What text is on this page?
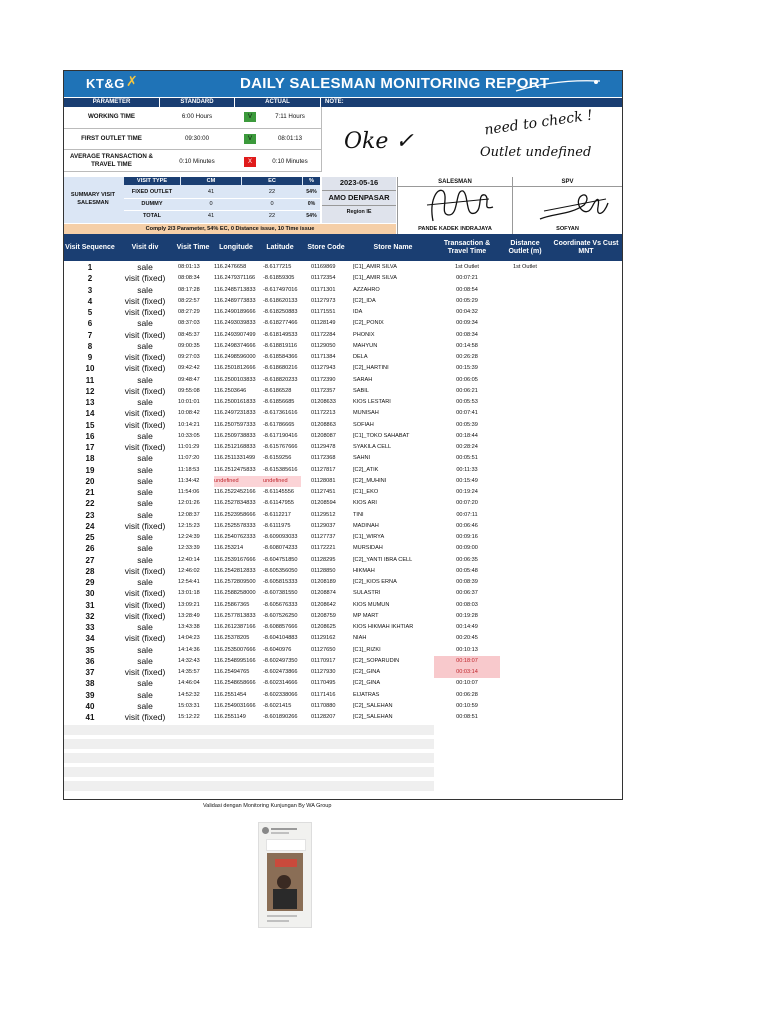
KT&G ✗	DAILY SALESMAN MONITORING REPORT
PARAMETER	STANDARD	ACTUAL	NOTE:
WORKING TIME	6:00 Hours	V	7:11 Hours
FIRST OUTLET TIME	09:30:00	V	08:01:13
AVERAGE TRANSACTION & TRAVEL TIME	0:10 Minutes	X	0:10 Minutes
Oke ✓
need to check !
Outlet undefined
SUMMARY VISIT SALESMAN
VISIT TYPE	CM	EC	%
FIXED OUTLET	41	22	54%
DUMMY	0	0	0%
TOTAL	41	22	54%
2023-05-16
AMO DENPASAR
Region IE
SALESMAN	SPV
PANDE KADEK INDRAJAYA	SOFYAN
Comply 2/3 Parameter, 54% EC, 0 Distance issue, 10 Time issue
Visit Sequence	Visit div	Visit Time	Longitude	Latitude	Store Code	Store Name
Transaction & Travel Time
Distance Outlet (m)
Coordinate Vs Cust MNT
1	sale	08:01:13	116.2476658	-8.6177215	01169869	[C1]_AMIR SILVA	1st Outlet	1st Outlet
2	visit (fixed)	08:08:34	116.2479371166	-8.61859305	01172354	[C1]_AMIR SILVA	00:07:21
3	sale	08:17:28	116.2485713833	-8.617497016	01171301	AZZAHRO	00:08:54
4	visit (fixed)	08:22:57	116.2489773833	-8.618620133	01127973	[C2]_IDA	00:05:29
5	visit (fixed)	08:27:29	116.2490189666	-8.618250883	01171551	IDA	00:04:32
6	sale	08:37:03	116.2493039833	-8.618277466	01128149	[C2]_PONIX	00:09:34
7	visit (fixed)	08:45:37	116.2493907499	-8.618149533	01172284	PHONIX	00:08:34
8	sale	09:00:35	116.2498374666	-8.618819116	01129050	MAHYUN	00:14:58
9	visit (fixed)	09:27:03	116.2498596000	-8.618584366	01171384	DELA	00:26:28
10	visit (fixed)	09:42:42	116.2501812666	-8.618680216	01127943	[C2]_HARTINI	00:15:39
11	sale	09:48:47	116.2500103833	-8.618820233	01172390	SARAH	00:06:05
12	visit (fixed)	09:55:08	116.2503646	-8.6186528	01172357	SABIL	00:06:21
13	sale	10:01:01	116.2500161833	-8.61856685	01208633	KIOS LESTARI	00:05:53
14	visit (fixed)	10:08:42	116.2497231833	-8.617361616	01172213	MUNISAH	00:07:41
15	visit (fixed)	10:14:21	116.2507597333	-8.61786665	01208863	SOFIAH	00:05:39
16	sale	10:33:05	116.2509738833	-8.617190416	01208087	[C1]_TOKO SAHABAT	00:18:44
17	visit (fixed)	11:01:29	116.2512168833	-8.615767666	01129478	SYAKILA CELL	00:28:24
18	sale	11:07:20	116.2511331499	-8.6159256	01172368	SAHNI	00:05:51
19	sale	11:18:53	116.2512475833	-8.615385616	01127817	[C2]_ATIK	00:11:33
20	sale	11:34:42	undefined	undefined	01128081	[C2]_MUHINI	00:15:49
21	sale	11:54:06	116.2522452166	-8.61145556	01127451	[C1]_EKO	00:19:24
22	sale	12:01:26	116.2527834833	-8.61147955	01208594	KIOS ARI	00:07:20
23	sale	12:08:37	116.2523958666	-8.6112217	01129512	TINI	00:07:11
24	visit (fixed)	12:15:23	116.2525578333	-8.6111975	01129037	MADINAH	00:06:46
25	sale	12:24:39	116.2540762333	-8.609093033	01127737	[C1]_WIRYA	00:09:16
26	sale	12:33:39	116.253214	-8.608074233	01172221	MURSIDAH	00:09:00
27	sale	12:40:14	116.2539167666	-8.604751850	01128295	[C2]_YANTI IBRA CELL	00:06:35
28	visit (fixed)	12:46:02	116.2542812833	-8.605356050	01128850	HIKMAH	00:05:48
29	sale	12:54:41	116.2572809500	-8.605815333	01208189	[C2]_KIOS ERNA	00:08:39
30	visit (fixed)	13:01:18	116.2588258000	-8.607381550	01208874	SULASTRI	00:06:37
31	visit (fixed)	13:09:21	116.25867365	-8.605676333	01208642	KIOS MUMUN	00:08:03
32	visit (fixed)	13:28:49	116.2577813833	-8.607526250	01208759	MP MART	00:19:28
33	sale	13:43:38	116.2612387166	-8.608857666	01208625	KIOS HIKMAH IKHTIAR	00:14:49
34	visit (fixed)	14:04:23	116.25378205	-8.604104883	01129162	NIAH	00:20:45
35	sale	14:14:36	116.2535007666	-8.6040976	01127650	[C1]_RIZKI	00:10:13
36	sale	14:32:43	116.2548995166	-8.602497350	01170917	[C2]_SOPARUDIN	00:18:07
37	visit (fixed)	14:35:57	116.25494765	-8.602473866	01127930	[C2]_GINA	00:03:14
38	sale	14:46:04	116.2548658666	-8.602314666	01170495	[C2]_GINA	00:10:07
39	sale	14:52:32	116.2551454	-8.602338066	01171416	EIJATRAS	00:06:28
40	sale	15:03:31	116.2549031666	-8.6021415	01170880	[C2]_SALEHAN	00:10:59
41	visit (fixed)	15:12:22	116.2551149	-8.601890266	01128207	[C2]_SALEHAN	00:08:51
Validasi dengan Monitoring Kunjungan By WA Group
